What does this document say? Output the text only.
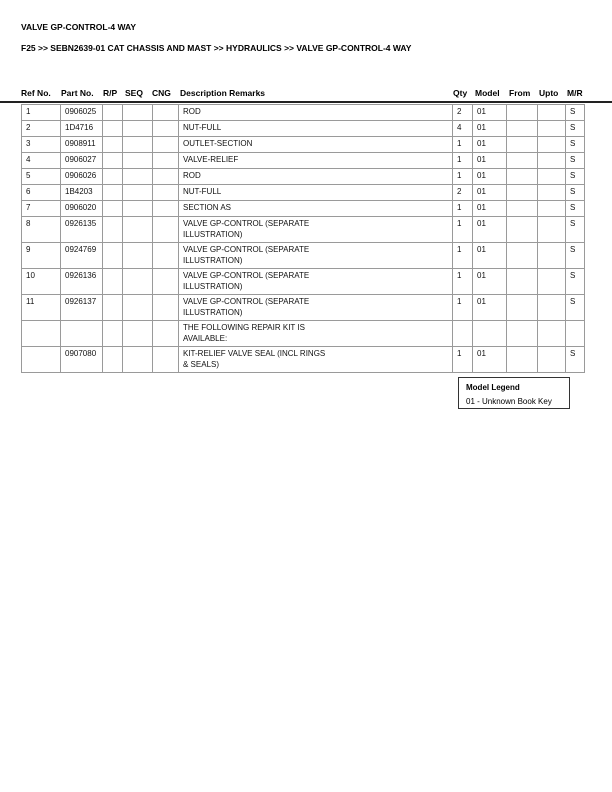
VALVE GP-CONTROL-4 WAY
F25 >> SEBN2639-01 CAT CHASSIS AND MAST >> HYDRAULICS >> VALVE GP-CONTROL-4 WAY
Ref No. Part No. R/P SEQ CNG Description Remarks	Qty Model From Upto M/R
1	0906025				ROD	2	01			S
2	1D4716				NUT-FULL	4	01			S
3	0908911				OUTLET-SECTION	1	01			S
4	0906027				VALVE-RELIEF	1	01			S
5	0906026				ROD	1	01			S
6	1B4203				NUT-FULL	2	01			S
7	0906020				SECTION AS	1	01			S
8	0926135				VALVE GP-CONTROL (SEPARATE ILLUSTRATION)	1	01			S
9	0924769				VALVE GP-CONTROL (SEPARATE ILLUSTRATION)	1	01			S
10	0926136				VALVE GP-CONTROL (SEPARATE ILLUSTRATION)	1	01			S
11	0926137				VALVE GP-CONTROL (SEPARATE ILLUSTRATION)	1	01			S
					THE FOLLOWING REPAIR KIT IS AVAILABLE:					
	0907080				KIT-RELIEF VALVE SEAL (INCL RINGS & SEALS)	1	01			S
Model Legend
01 - Unknown Book Key
